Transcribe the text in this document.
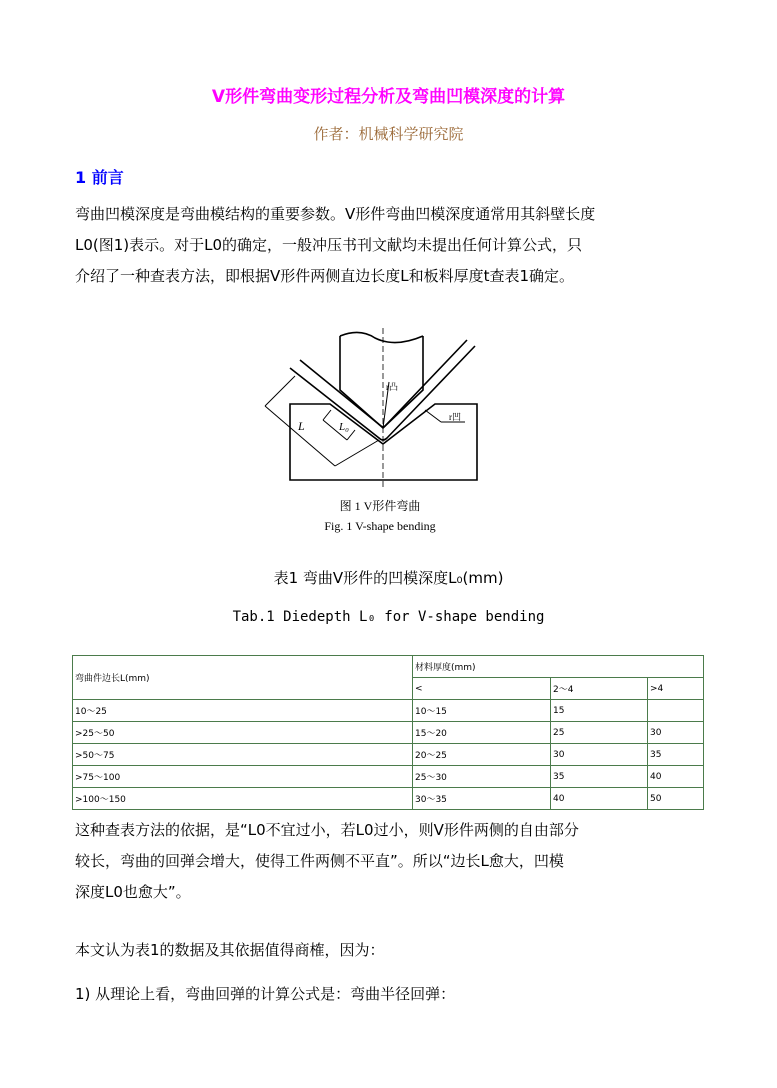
V形件弯曲变形过程分析及弯曲凹模深度的计算
作者：机械科学研究院
1 前言
弯曲凹模深度是弯曲模结构的重要参数。V形件弯曲凹模深度通常用其斜壁长度
L0(图1)表示。对于L0的确定，一般冲压书刊文献均未提出任何计算公式，只
介绍了一种查表方法，即根据V形件两侧直边长度L和板料厚度t查表1确定。
L	L₀
r凸
r凹
图 1 V形件弯曲
Fig. 1 V-shape bending
表1 弯曲V形件的凹模深度L₀(mm)
Tab.1 Diedepth L₀ for V-shape bending
弯曲件边长L(mm)	材料厚度(mm)		
	<	2～4	>4
10～25	10～15	15	
>25～50	15～20	25	30
>50～75	20～25	30	35
>75～100	25～30	35	40
>100～150	30～35	40	50
这种查表方法的依据，是“L0不宜过小，若L0过小，则V形件两侧的自由部分
较长，弯曲的回弹会增大，使得工件两侧不平直”。所以“边长L愈大，凹模
深度L0也愈大”。
本文认为表1的数据及其依据值得商榷，因为：
1) 从理论上看，弯曲回弹的计算公式是：弯曲半径回弹：
